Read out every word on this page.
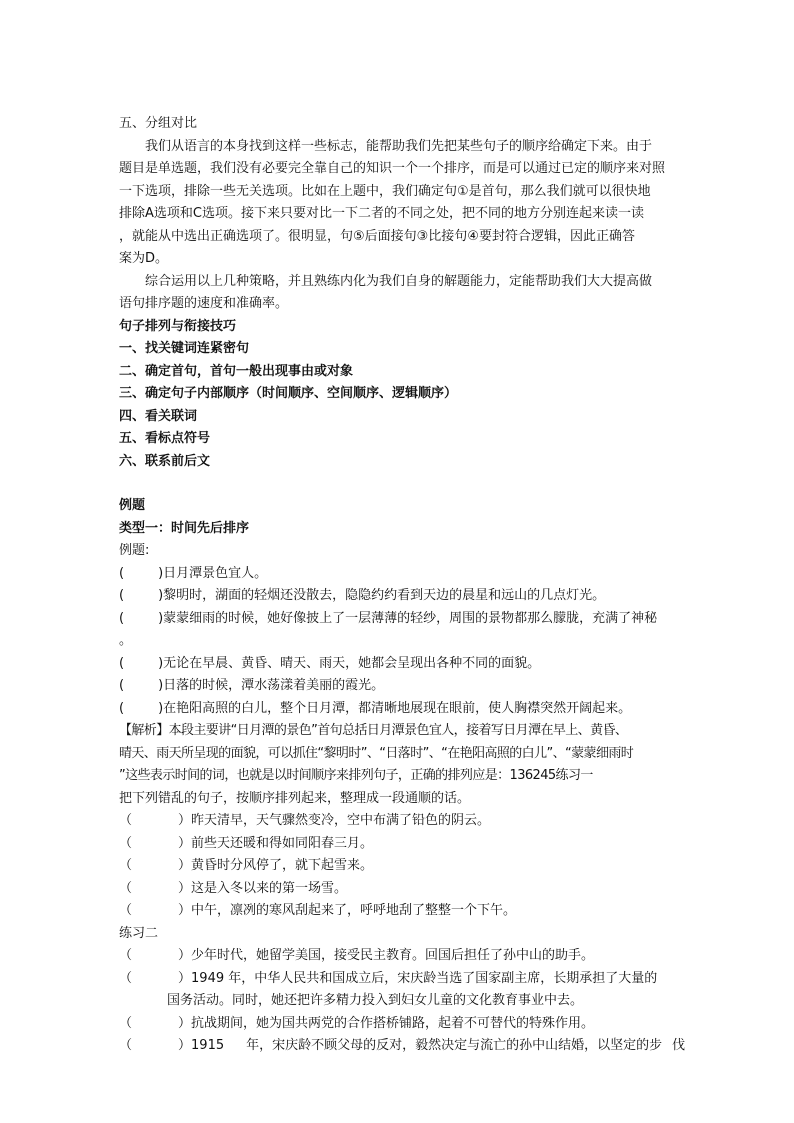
五、分组对比
我们从语言的本身找到这样一些标志，能帮助我们先把某些句子的顺序给确定下来。由于
题目是单选题，我们没有必要完全靠自己的知识一个一个排序，而是可以通过已定的顺序来对照
一下选项，排除一些无关选项。比如在上题中，我们确定句①是首句，那么我们就可以很快地
排除A选项和C选项。接下来只要对比一下二者的不同之处，把不同的地方分别连起来读一读
，就能从中选出正确选项了。很明显，句⑤后面接句③比接句④要封符合逻辑，因此正确答
案为D。
综合运用以上几种策略，并且熟练内化为我们自身的解题能力，定能帮助我们大大提高做
语句排序题的速度和准确率。
句子排列与衔接技巧
一、找关键词连紧密句
二、确定首句，首句一般出现事由或对象
三、确定句子内部顺序（时间顺序、空间顺序、逻辑顺序）
四、看关联词
五、看标点符号
六、联系前后文
例题
类型一：时间先后排序
例题:
(	)日月潭景色宜人。
(	)黎明时，湖面的轻烟还没散去，隐隐约约看到天边的晨星和远山的几点灯光。
(	)蒙蒙细雨的时候，她好像披上了一层薄薄的轻纱，周围的景物都那么朦胧，充满了神秘
。
(	)无论在早晨、黄昏、晴天、雨天，她都会呈现出各种不同的面貌。
(	)日落的时候，潭水荡漾着美丽的霞光。
(	)在艳阳高照的白儿，整个日月潭，都清晰地展现在眼前，使人胸襟突然开阔起来。
【解析】本段主要讲“日月潭的景色”首句总括日月潭景色宜人，接着写日月潭在早上、黄昏、
晴天、雨天所呈现的面貌，可以抓住“黎明时”、“日落时”、“在艳阳高照的白儿”、“蒙蒙细雨时
”这些表示时间的词，也就是以时间顺序来排列句子，正确的排列应是：136245练习一
把下列错乱的句子，按顺序排列起来，整理成一段通顺的话。
（	）昨天清早，天气骤然变冷，空中布满了铅色的阴云。
（	）前些天还暖和得如同阳春三月。
（	）黄昏时分风停了，就下起雪来。
（	）这是入冬以来的第一场雪。
（	）中午，凛冽的寒风刮起来了，呼呼地刮了整整一个下午。
练习二
（	）少年时代，她留学美国，接受民主教育。回国后担任了孙中山的助手。
（	）1949 年，中华人民共和国成立后，宋庆龄当选了国家副主席，长期承担了大量的
国务活动。同时，她还把许多精力投入到妇女儿童的文化教育事业中去。
（	）抗战期间，她为国共两党的合作搭桥铺路，起着不可替代的特殊作用。
（	）1915 年，宋庆龄不顾父母的反对，毅然决定与流亡的孙中山结婚，以坚定的步 伐
